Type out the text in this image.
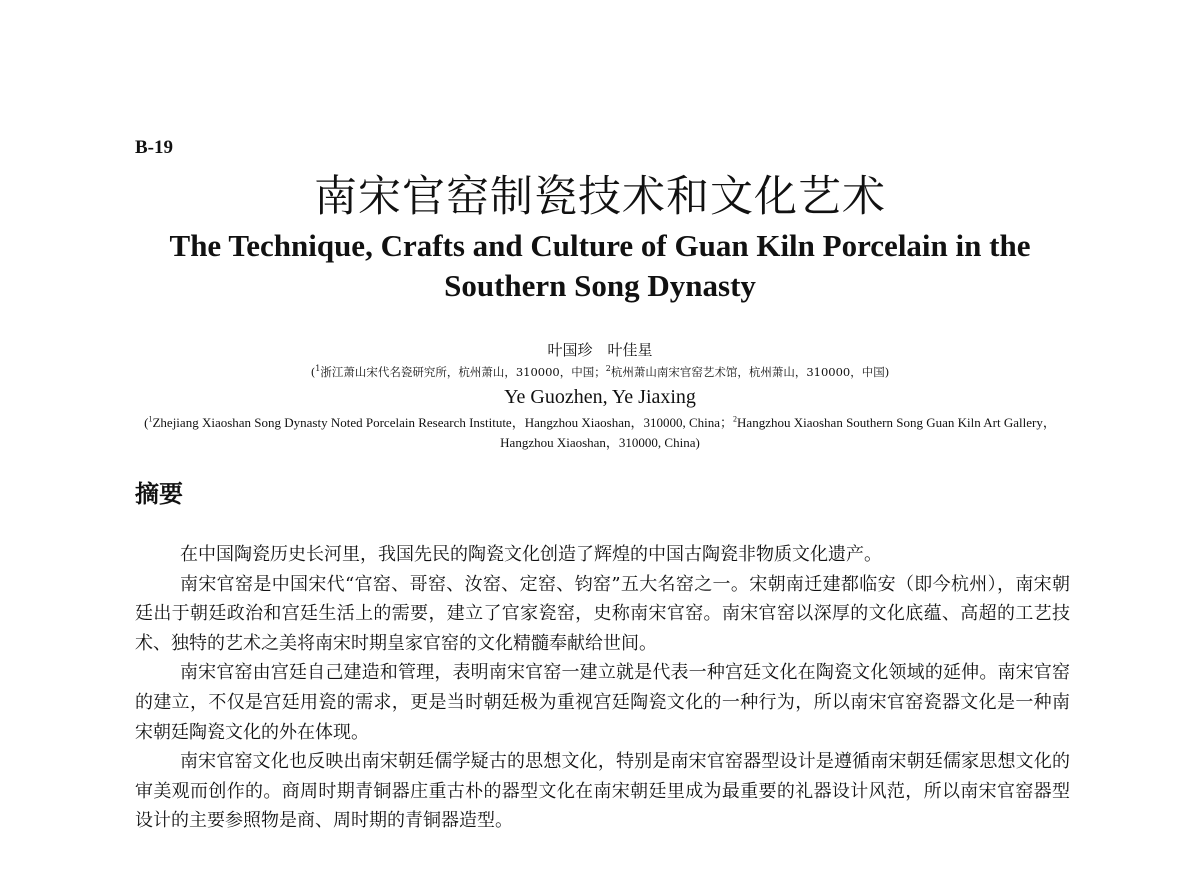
B-19
南宋官窑制瓷技术和文化艺术
The Technique, Crafts and Culture of Guan Kiln Porcelain in the Southern Song Dynasty
叶国珍　叶佳星
($^1$浙江萧山宋代名瓷研究所，杭州萧山，310000，中国；$^2$杭州萧山南宋官窑艺术馆，杭州萧山，310000，中国)
Ye Guozhen, Ye Jiaxing
($^1$Zhejiang Xiaoshan Song Dynasty Noted Porcelain Research Institute，Hangzhou Xiaoshan，310000, China；$^2$Hangzhou Xiaoshan Southern Song Guan Kiln Art Gallery，Hangzhou Xiaoshan，310000, China)
摘要

在中国陶瓷历史长河里，我国先民的陶瓷文化创造了辉煌的中国古陶瓷非物质文化遗产。

南宋官窑是中国宋代“官窑、哥窑、汝窑、定窑、钧窑”五大名窑之一。宋朝南迁建都临安（即今杭州），南宋朝廷出于朝廷政治和宫廷生活上的需要，建立了官家瓷窑，史称南宋官窑。南宋官窑以深厚的文化底蕴、高超的工艺技术、独特的艺术之美将南宋时期皇家官窑的文化精髓奉献给世间。

南宋官窑由宫廷自己建造和管理，表明南宋官窑一建立就是代表一种宫廷文化在陶瓷文化领域的延伸。南宋官窑的建立，不仅是宫廷用瓷的需求，更是当时朝廷极为重视宫廷陶瓷文化的一种行为，所以南宋官窑瓷器文化是一种南宋朝廷陶瓷文化的外在体现。

南宋官窑文化也反映出南宋朝廷儒学疑古的思想文化，特别是南宋官窑器型设计是遵循南宋朝廷儒家思想文化的审美观而创作的。商周时期青铜器庄重古朴的器型文化在南宋朝廷里成为最重要的礼器设计风范，所以南宋官窑器型设计的主要参照物是商、周时期的青铜器造型。
